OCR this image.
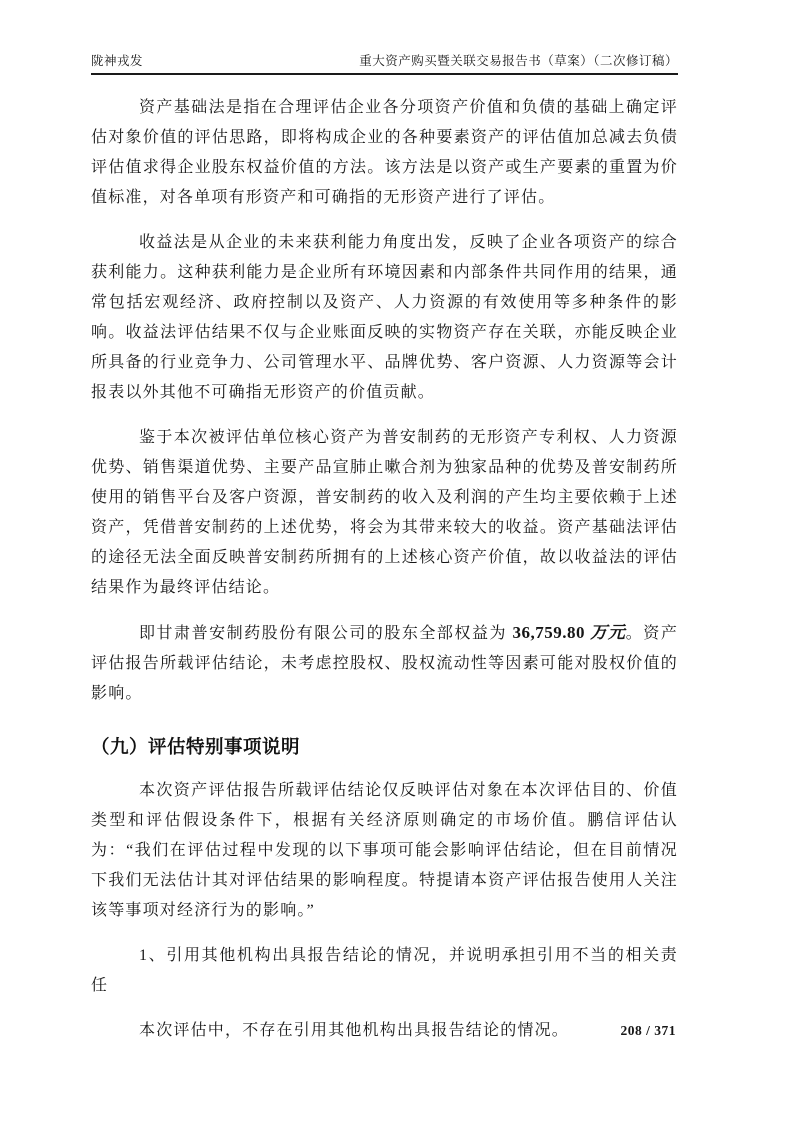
陇神戎发	重大资产购买暨关联交易报告书（草案）（二次修订稿）

资产基础法是指在合理评估企业各分项资产价值和负债的基础上确定评估对象价值的评估思路，即将构成企业的各种要素资产的评估值加总减去负债评估值求得企业股东权益价值的方法。该方法是以资产或生产要素的重置为价值标准，对各单项有形资产和可确指的无形资产进行了评估。

收益法是从企业的未来获利能力角度出发，反映了企业各项资产的综合获利能力。这种获利能力是企业所有环境因素和内部条件共同作用的结果，通常包括宏观经济、政府控制以及资产、人力资源的有效使用等多种条件的影响。收益法评估结果不仅与企业账面反映的实物资产存在关联，亦能反映企业所具备的行业竞争力、公司管理水平、品牌优势、客户资源、人力资源等会计报表以外其他不可确指无形资产的价值贡献。

鉴于本次被评估单位核心资产为普安制药的无形资产专利权、人力资源优势、销售渠道优势、主要产品宣肺止嗽合剂为独家品种的优势及普安制药所使用的销售平台及客户资源，普安制药的收入及利润的产生均主要依赖于上述资产，凭借普安制药的上述优势，将会为其带来较大的收益。资产基础法评估的途径无法全面反映普安制药所拥有的上述核心资产价值，故以收益法的评估结果作为最终评估结论。

即甘肃普安制药股份有限公司的股东全部权益为 36,759.80 万元。资产评估报告所载评估结论，未考虑控股权、股权流动性等因素可能对股权价值的影响。

（九）评估特别事项说明

本次资产评估报告所载评估结论仅反映评估对象在本次评估目的、价值类型和评估假设条件下，根据有关经济原则确定的市场价值。鹏信评估认为：“我们在评估过程中发现的以下事项可能会影响评估结论，但在目前情况下我们无法估计其对评估结果的影响程度。特提请本资产评估报告使用人关注该等事项对经济行为的影响。”

1、引用其他机构出具报告结论的情况，并说明承担引用不当的相关责任

本次评估中，不存在引用其他机构出具报告结论的情况。	208 / 371
